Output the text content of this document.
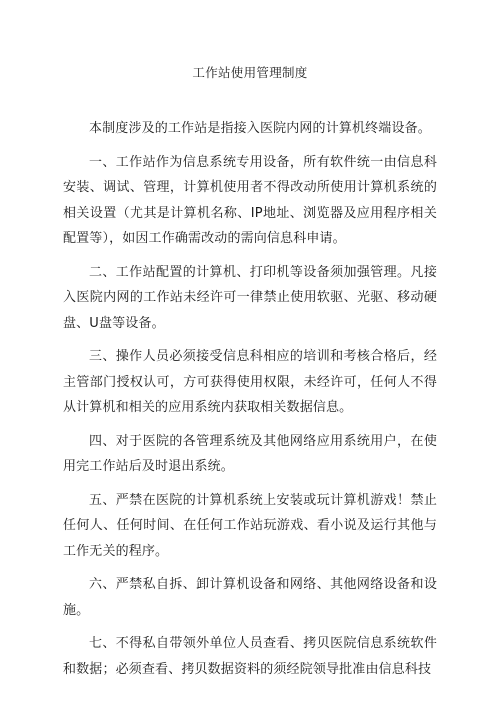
工作站使用管理制度

本制度涉及的工作站是指接入医院内网的计算机终端设备。

一、工作站作为信息系统专用设备，所有软件统一由信息科安装、调试、管理，计算机使用者不得改动所使用计算机系统的相关设置（尤其是计算机名称、IP地址、浏览器及应用程序相关配置等），如因工作确需改动的需向信息科申请。

二、工作站配置的计算机、打印机等设备须加强管理。凡接入医院内网的工作站未经许可一律禁止使用软驱、光驱、移动硬盘、U盘等设备。

三、操作人员必须接受信息科相应的培训和考核合格后，经主管部门授权认可，方可获得使用权限，未经许可，任何人不得从计算机和相关的应用系统内获取相关数据信息。

四、对于医院的各管理系统及其他网络应用系统用户，在使用完工作站后及时退出系统。

五、严禁在医院的计算机系统上安装或玩计算机游戏！禁止任何人、任何时间、在任何工作站玩游戏、看小说及运行其他与工作无关的程序。

六、严禁私自拆、卸计算机设备和网络、其他网络设备和设施。

七、不得私自带领外单位人员查看、拷贝医院信息系统软件和数据；必须查看、拷贝数据资料的须经院领导批准由信息科技
